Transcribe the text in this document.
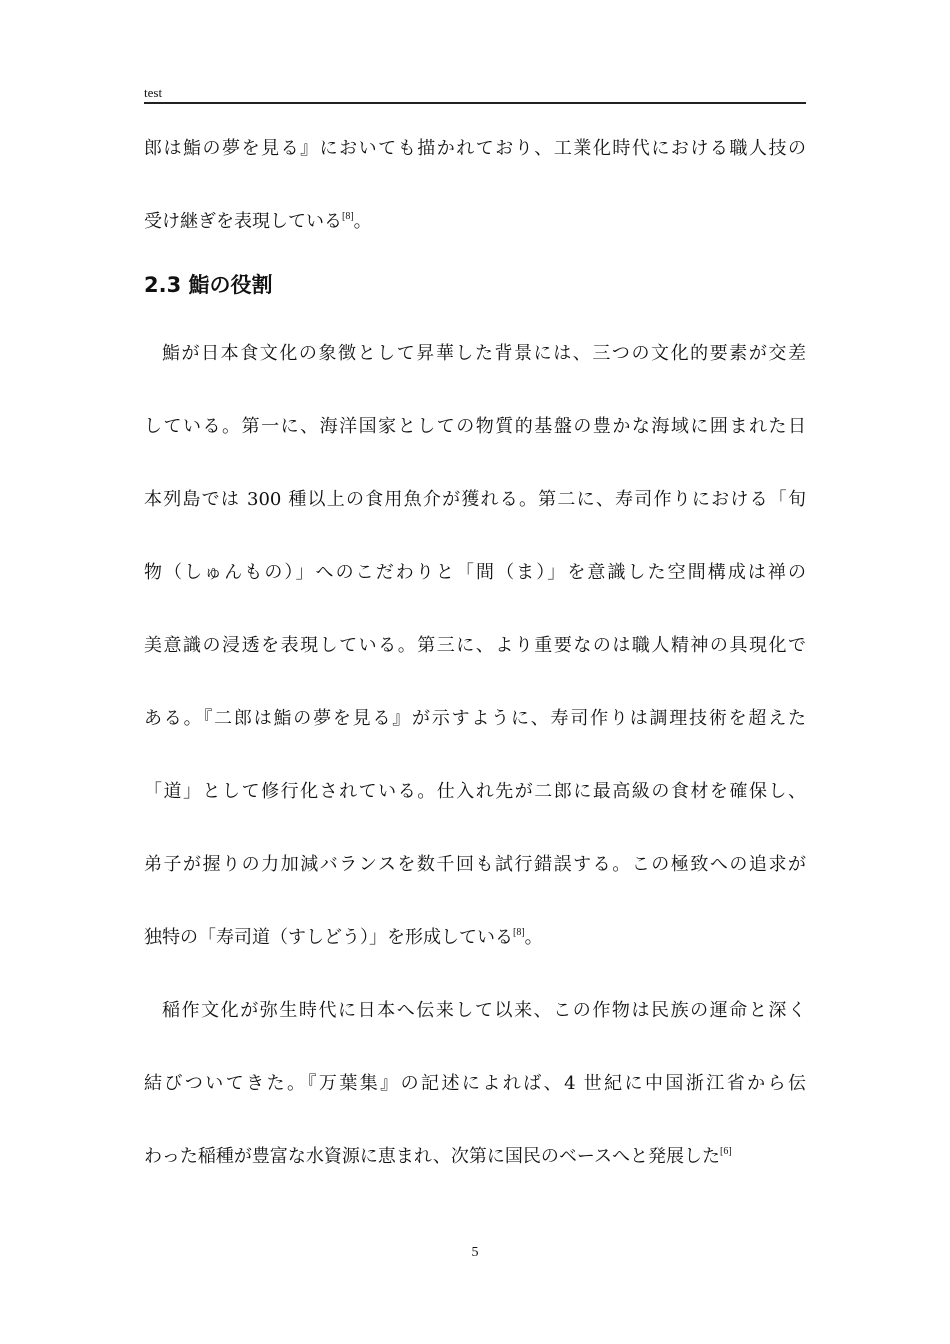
test
郎は鮨の夢を見る』においても描かれており、工業化時代における職人技の
受け継ぎを表現している[8]。
2.3 鮨の役割
鮨が日本食文化の象徴として昇華した背景には、三つの文化的要素が交差
している。第一に、海洋国家としての物質的基盤の豊かな海域に囲まれた日
本列島では 300 種以上の食用魚介が獲れる。第二に、寿司作りにおける「旬
物（しゅんもの）」へのこだわりと「間（ま）」を意識した空間構成は禅の
美意識の浸透を表現している。第三に、より重要なのは職人精神の具現化で
ある。『二郎は鮨の夢を見る』が示すように、寿司作りは調理技術を超えた
「道」として修行化されている。仕入れ先が二郎に最高級の食材を確保し、
弟子が握りの力加減バランスを数千回も試行錯誤する。この極致への追求が
独特の「寿司道（すしどう）」を形成している[8]。
稲作文化が弥生時代に日本へ伝来して以来、この作物は民族の運命と深く
結びついてきた。『万葉集』の記述によれば、4 世紀に中国浙江省から伝
わった稲種が豊富な水資源に恵まれ、次第に国民のベースへと発展した[6]
5
